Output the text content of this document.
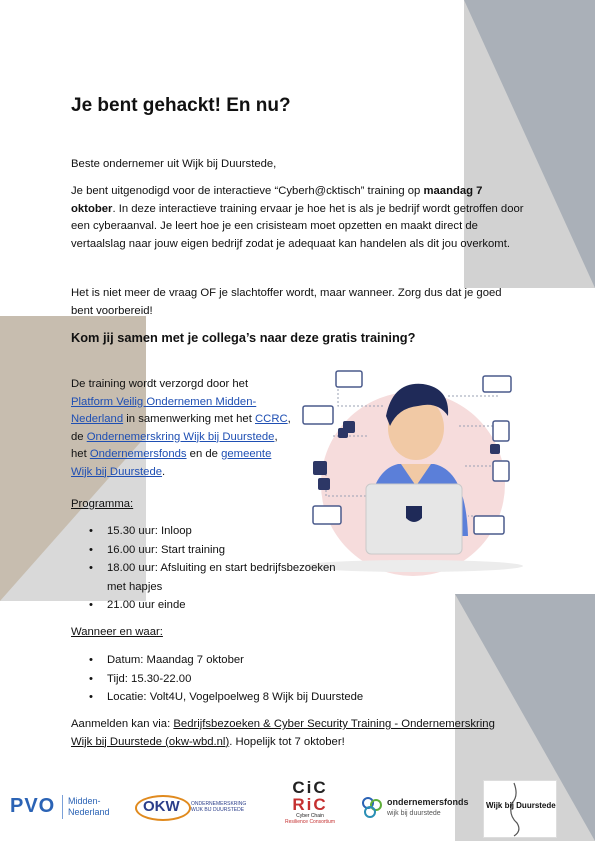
Je bent gehackt! En nu?

Beste ondernemer uit Wijk bij Duurstede,

Je bent uitgenodigd voor de interactieve “Cyberh@cktisch” training op maandag 7 oktober. In deze interactieve training ervaar je hoe het is als je bedrijf wordt getroffen door een cyberaanval. Je leert hoe je een crisisteam moet opzetten en maakt direct de vertaalslag naar jouw eigen bedrijf zodat je adequaat kan handelen als dit jou overkomt.

Het is niet meer de vraag OF je slachtoffer wordt, maar wanneer. Zorg dus dat je goed bent voorbereid!

Kom jij samen met je collega’s naar deze gratis training?

De training wordt verzorgd door het Platform Veilig Ondernemen Midden-Nederland in samenwerking met het CCRC, de Ondernemerskring Wijk bij Duurstede, het Ondernemersfonds en de gemeente Wijk bij Duurstede.

Programma:

• 15.30 uur: Inloop
• 16.00 uur: Start training
• 18.00 uur: Afsluiting en start bedrijfsbezoeken met hapjes
• 21.00 uur einde

Wanneer en waar:

• Datum: Maandag 7 oktober
• Tijd: 15.30-22.00
• Locatie: Volt4U, Vogelpoelweg 8 Wijk bij Duurstede

Aanmelden kan via: Bedrijfsbezoeken & Cyber Security Training - Ondernemerskring Wijk bij Duurstede (okw-wbd.nl). Hopelijk tot 7 oktober!

PVO Midden-
Nederland OKW ONDERNEMERSKRING
WIJK BIJ DUURSTEDE
CiC
RiC
Cyber Chain
Resilience Consortium
ondernemersfonds
wijk bij duurstede
Wijk bij Duurstede
